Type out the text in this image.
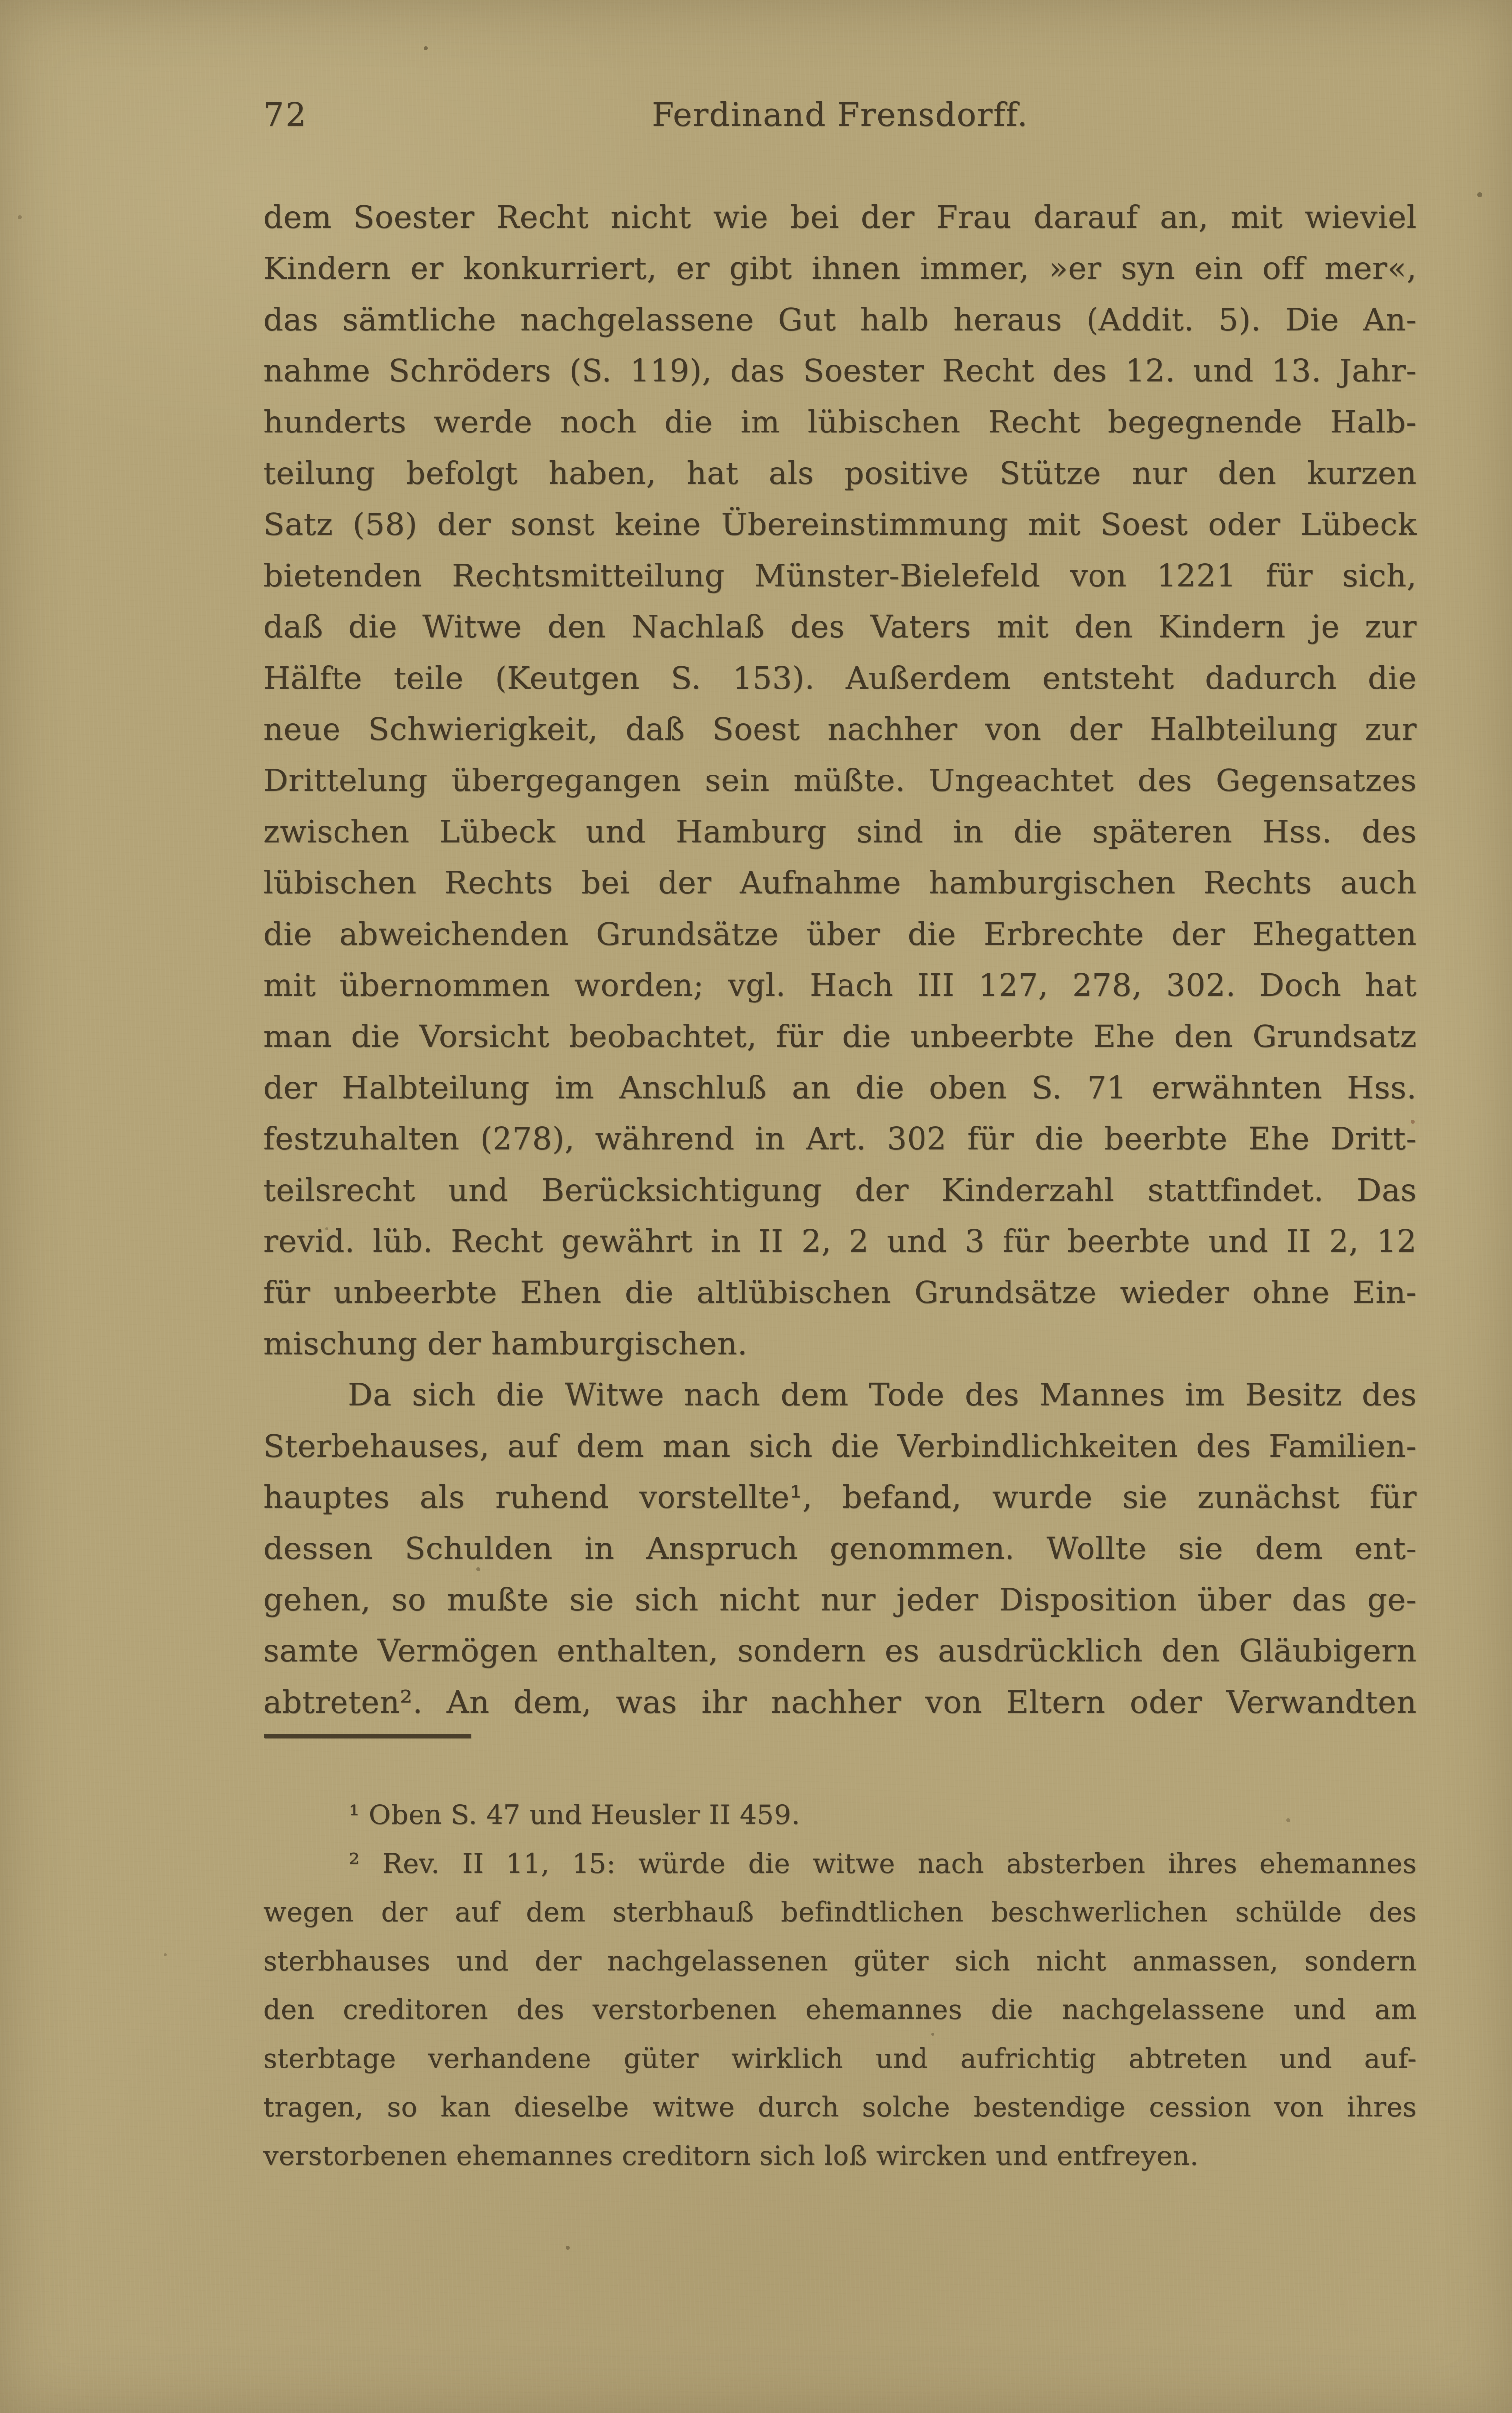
72	Ferdinand Frensdorff.
dem Soester Recht nicht wie bei der Frau darauf an, mit wieviel
Kindern er konkurriert, er gibt ihnen immer, »er syn ein off mer«,
das sämtliche nachgelassene Gut halb heraus (Addit. 5). Die An-
nahme Schröders (S. 119), das Soester Recht des 12. und 13. Jahr-
hunderts werde noch die im lübischen Recht begegnende Halb-
teilung befolgt haben, hat als positive Stütze nur den kurzen
Satz (58) der sonst keine Übereinstimmung mit Soest oder Lübeck
bietenden Rechtsmitteilung Münster-Bielefeld von 1221 für sich,
daß die Witwe den Nachlaß des Vaters mit den Kindern je zur
Hälfte teile (Keutgen S. 153). Außerdem entsteht dadurch die
neue Schwierigkeit, daß Soest nachher von der Halbteilung zur
Drittelung übergegangen sein müßte. Ungeachtet des Gegensatzes
zwischen Lübeck und Hamburg sind in die späteren Hss. des
lübischen Rechts bei der Aufnahme hamburgischen Rechts auch
die abweichenden Grundsätze über die Erbrechte der Ehegatten
mit übernommen worden; vgl. Hach III 127, 278, 302. Doch hat
man die Vorsicht beobachtet, für die unbeerbte Ehe den Grundsatz
der Halbteilung im Anschluß an die oben S. 71 erwähnten Hss.
festzuhalten (278), während in Art. 302 für die beerbte Ehe Dritt-
teilsrecht und Berücksichtigung der Kinderzahl stattfindet. Das
revid. lüb. Recht gewährt in II 2, 2 und 3 für beerbte und II 2, 12
für unbeerbte Ehen die altlübischen Grundsätze wieder ohne Ein-
mischung der hamburgischen.
Da sich die Witwe nach dem Tode des Mannes im Besitz des
Sterbehauses, auf dem man sich die Verbindlichkeiten des Familien-
hauptes als ruhend vorstellte¹, befand, wurde sie zunächst für
dessen Schulden in Anspruch genommen. Wollte sie dem ent-
gehen, so mußte sie sich nicht nur jeder Disposition über das ge-
samte Vermögen enthalten, sondern es ausdrücklich den Gläubigern
abtreten². An dem, was ihr nachher von Eltern oder Verwandten
¹ Oben S. 47 und Heusler II 459.
² Rev. II 11, 15: würde die witwe nach absterben ihres ehemannes
wegen der auf dem sterbhauß befindtlichen beschwerlichen schülde des
sterbhauses und der nachgelassenen güter sich nicht anmassen, sondern
den creditoren des verstorbenen ehemannes die nachgelassene und am
sterbtage verhandene güter wirklich und aufrichtig abtreten und auf-
tragen, so kan dieselbe witwe durch solche bestendige cession von ihres
verstorbenen ehemannes creditorn sich loß wircken und entfreyen.
